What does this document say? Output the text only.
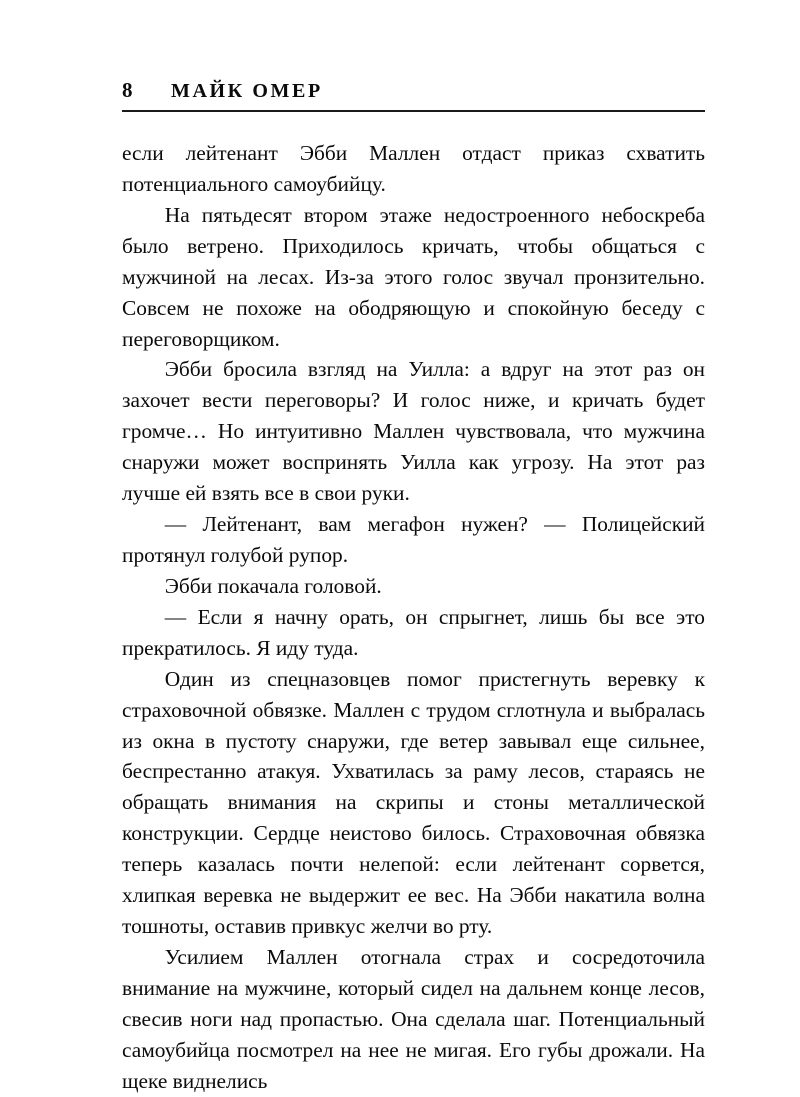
8 МАЙК ОМЕР

если лейтенант Эбби Маллен отдаст приказ схватить потенциального самоубийцу.

На пятьдесят втором этаже недостроенного небоскреба было ветрено. Приходилось кричать, чтобы общаться с мужчиной на лесах. Из-за этого голос звучал пронзительно. Совсем не похоже на ободряющую и спокойную беседу с переговорщиком.

Эбби бросила взгляд на Уилла: а вдруг на этот раз он захочет вести переговоры? И голос ниже, и кричать будет громче… Но интуитивно Маллен чувствовала, что мужчина снаружи может воспринять Уилла как угрозу. На этот раз лучше ей взять все в свои руки.

— Лейтенант, вам мегафон нужен? — Полицейский протянул голубой рупор.

Эбби покачала головой.

— Если я начну орать, он спрыгнет, лишь бы все это прекратилось. Я иду туда.

Один из спецназовцев помог пристегнуть веревку к страховочной обвязке. Маллен с трудом сглотнула и выбралась из окна в пустоту снаружи, где ветер завывал еще сильнее, беспрестанно атакуя. Ухватилась за раму лесов, стараясь не обращать внимания на скрипы и стоны металлической конструкции. Сердце неистово билось. Страховочная обвязка теперь казалась почти нелепой: если лейтенант сорвется, хлипкая веревка не выдержит ее вес. На Эбби накатила волна тошноты, оставив привкус желчи во рту.

Усилием Маллен отогнала страх и сосредоточила внимание на мужчине, который сидел на дальнем конце лесов, свесив ноги над пропастью. Она сделала шаг. Потенциальный самоубийца посмотрел на нее не мигая. Его губы дрожали. На щеке виднелись
